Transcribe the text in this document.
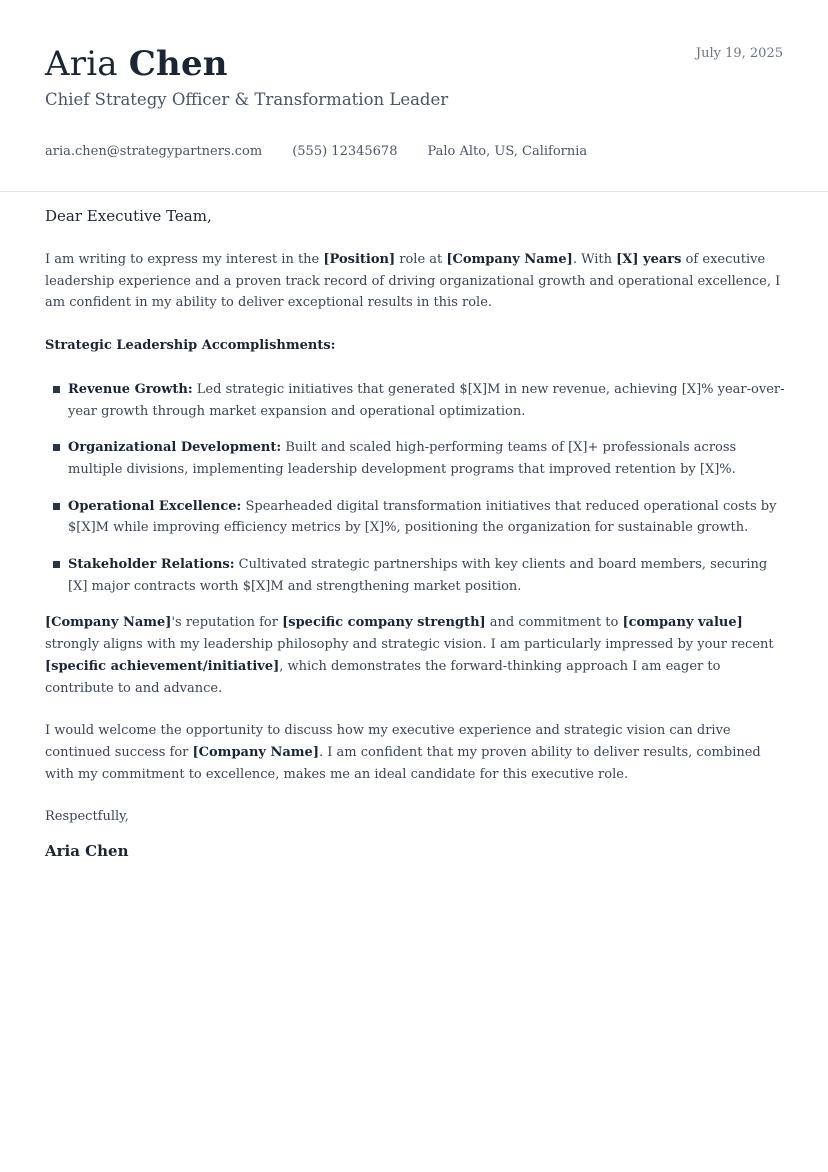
Aria Chen
Chief Strategy Officer & Transformation Leader
July 19, 2025
aria.chen@strategypartners.com (555) 12345678 Palo Alto, US, California
Dear Executive Team,

I am writing to express my interest in the [Position] role at [Company Name]. With [X] years of executive leadership experience and a proven track record of driving organizational growth and operational excellence, I am confident in my ability to deliver exceptional results in this role.

Strategic Leadership Accomplishments:
Revenue Growth: Led strategic initiatives that generated $[X]M in new revenue, achieving [X]% year-over-year growth through market expansion and operational optimization.
Organizational Development: Built and scaled high-performing teams of [X]+ professionals across multiple divisions, implementing leadership development programs that improved retention by [X]%.
Operational Excellence: Spearheaded digital transformation initiatives that reduced operational costs by $[X]M while improving efficiency metrics by [X]%, positioning the organization for sustainable growth.
Stakeholder Relations: Cultivated strategic partnerships with key clients and board members, securing [X] major contracts worth $[X]M and strengthening market position.

[Company Name]'s reputation for [specific company strength] and commitment to [company value] strongly aligns with my leadership philosophy and strategic vision. I am particularly impressed by your recent [specific achievement/initiative], which demonstrates the forward-thinking approach I am eager to contribute to and advance.

I would welcome the opportunity to discuss how my executive experience and strategic vision can drive continued success for [Company Name]. I am confident that my proven ability to deliver results, combined with my commitment to excellence, makes me an ideal candidate for this executive role.

Respectfully,
Aria Chen
